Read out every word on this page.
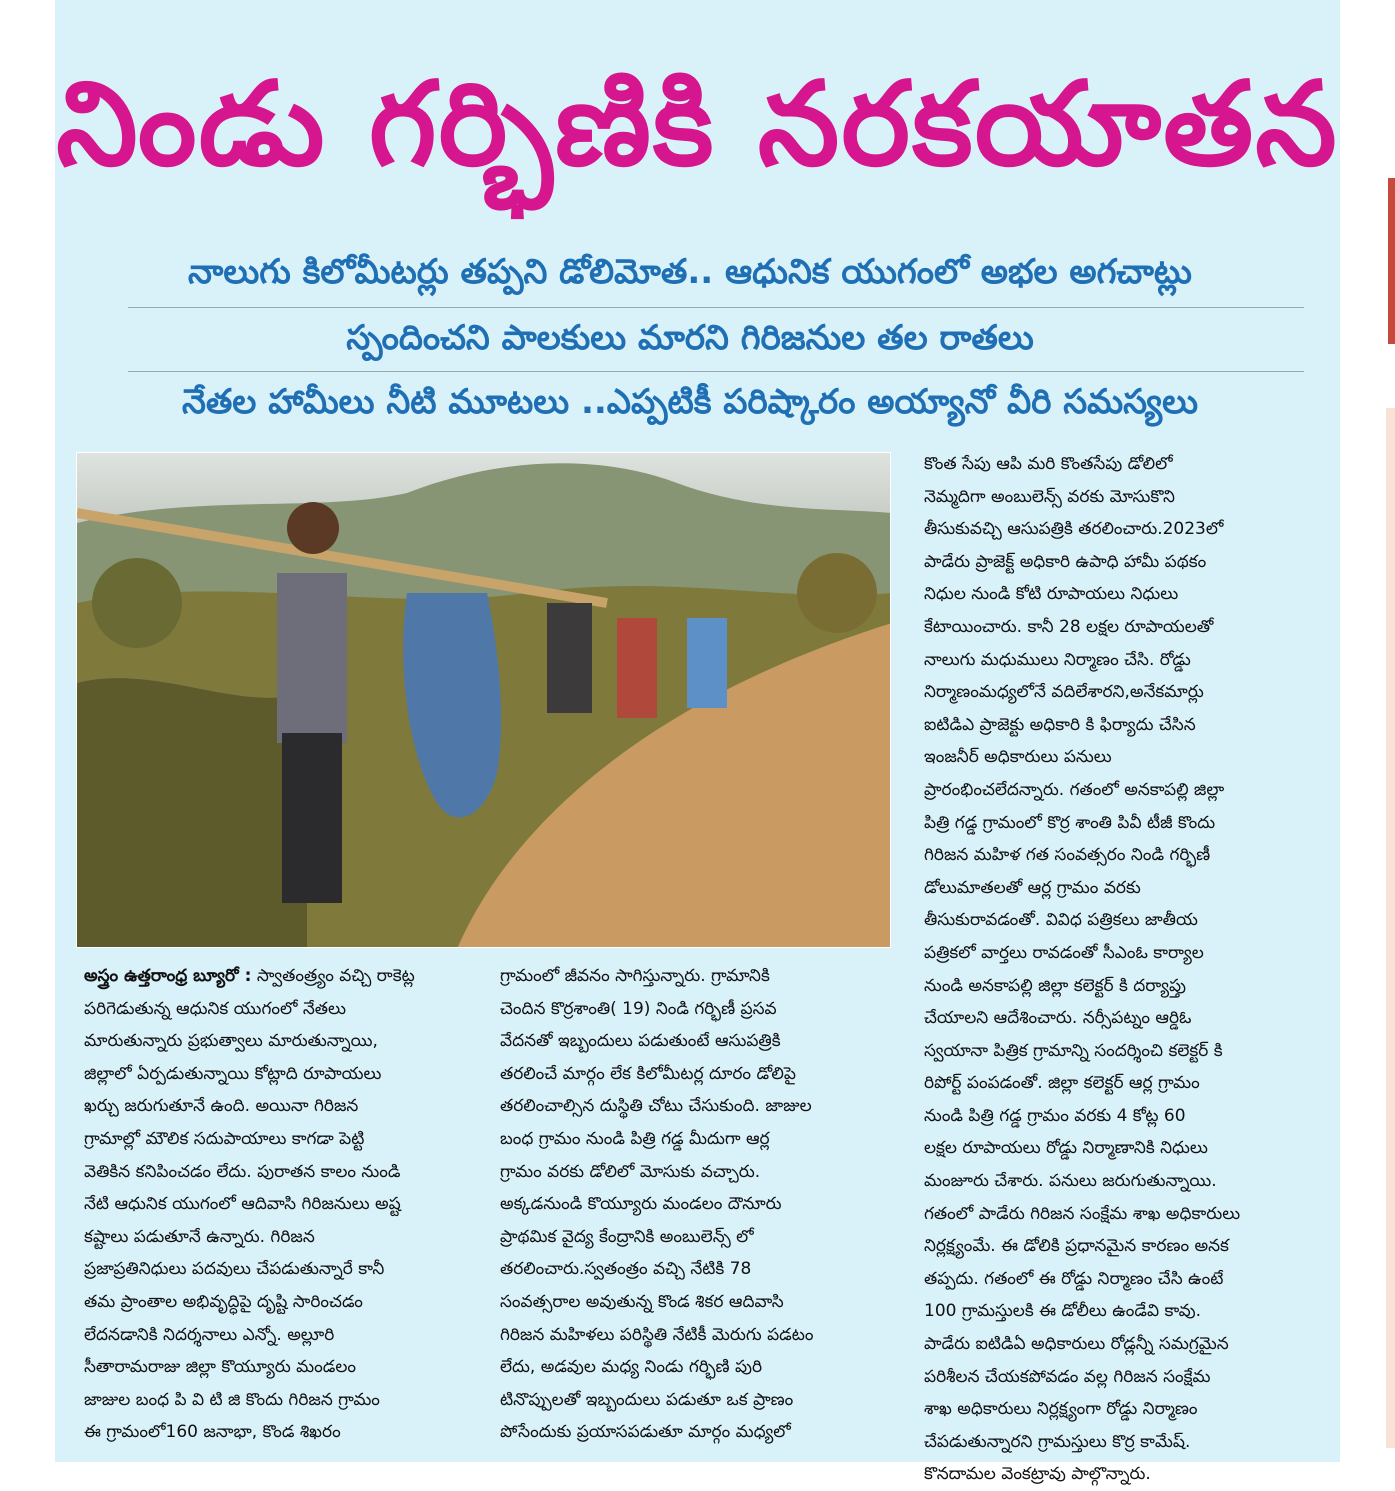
నిండు గర్భిణికి నరకయాతన
నాలుగు కిలోమీటర్లు తప్పని డోలిమోత.. ఆధునిక యుగంలో అభల అగచాట్లు
స్పందించని పాలకులు మారని గిరిజనుల తల రాతలు
నేతల హామీలు నీటి మూటలు ..ఎప్పటికీ పరిష్కారం అయ్యానో వీరి సమస్యలు
అస్త్రం ఉత్తరాంధ్ర బ్యూరో : స్వాతంత్ర్యం వచ్చి రాకెట్ల
పరిగెడుతున్న ఆధునిక యుగంలో నేతలు
మారుతున్నారు ప్రభుత్వాలు మారుతున్నాయి,
జిల్లాలో ఏర్పడుతున్నాయి కోట్లాది రూపాయలు
ఖర్చు జరుగుతూనే ఉంది. అయినా గిరిజన
గ్రామాల్లో మౌలిక సదుపాయాలు కాగడా పెట్టి
వెతికిన కనిపించడం లేదు. పురాతన కాలం నుండి
నేటి ఆధునిక యుగంలో ఆదివాసి గిరిజనులు అష్ట
కష్టాలు పడుతూనే ఉన్నారు. గిరిజన
ప్రజాప్రతినిధులు పదవులు చేపడుతున్నారే కానీ
తమ ప్రాంతాల అభివృద్ధిపై దృష్టి సారించడం
లేదనడానికి నిదర్శనాలు ఎన్నో. అల్లూరి
సీతారామరాజు జిల్లా కొయ్యూరు మండలం
జాజుల బంధ పి వి టి జి కొందు గిరిజన గ్రామం
ఈ గ్రామంలో160 జనాభా, కొండ శిఖరం
గ్రామంలో జీవనం సాగిస్తున్నారు. గ్రామానికి
చెందిన కొర్రశాంతి( 19) నిండి గర్భిణీ ప్రసవ
వేదనతో ఇబ్బందులు పడుతుంటే ఆసుపత్రికి
తరలించే మార్గం లేక కిలోమీటర్ల దూరం డోలిపై
తరలించాల్సిన దుస్థితి చోటు చేసుకుంది. జాజుల
బంధ గ్రామం నుండి పిత్రి గడ్డ మీదుగా ఆర్ల
గ్రామం వరకు డోలిలో మోసుకు వచ్చారు.
అక్కడనుండి కొయ్యూరు మండలం దౌనూరు
ప్రాథమిక వైద్య కేంద్రానికి అంబులెన్స్ లో
తరలించారు.స్వతంత్రం వచ్చి నేటికి 78
సంవత్సరాల అవుతున్న కొండ శికర ఆదివాసి
గిరిజన మహిళలు పరిస్థితి నేటికీ మెరుగు పడటం
లేదు, అడవుల మధ్య నిండు గర్భిణి పురి
టినొప్పులతో ఇబ్బందులు పడుతూ ఒక ప్రాణం
పోసేందుకు ప్రయాసపడుతూ మార్గం మధ్యలో
కొంత సేపు ఆపి మరి కొంతసేపు డోలిలో
నెమ్మదిగా అంబులెన్స్ వరకు మోసుకొని
తీసుకువచ్చి ఆసుపత్రికి తరలించారు.2023లో
పాడేరు ప్రాజెక్ట్ అధికారి ఉపాధి హామీ పథకం
నిధుల నుండి కోటి రూపాయలు నిధులు
కేటాయించారు. కానీ 28 లక్షల రూపాయలతో
నాలుగు మధుములు నిర్మాణం చేసి. రోడ్డు
నిర్మాణంమధ్యలోనే వదిలేశారని,అనేకమార్లు
ఐటిడిఎ ప్రాజెక్టు అధికారి కి ఫిర్యాదు చేసిన
ఇంజనీర్ అధికారులు పనులు
ప్రారంభించలేదన్నారు. గతంలో అనకాపల్లి జిల్లా
పిత్రి గడ్డ గ్రామంలో కొర్ర శాంతి పివీ టీజీ కొందు
గిరిజన మహిళ గత సంవత్సరం నిండి గర్భిణీ
డోలుమాతలతో ఆర్ల గ్రామం వరకు
తీసుకురావడంతో. వివిధ పత్రికలు జాతీయ
పత్రికలో వార్తలు రావడంతో సీఎంఓ కార్యాల
నుండి అనకాపల్లి జిల్లా కలెక్టర్ కి దర్యాప్తు
చేయాలని ఆదేశించారు. నర్సీపట్నం ఆర్డిఓ
స్వయానా పిత్రిక గ్రామాన్ని సందర్శించి కలెక్టర్ కి
రిపోర్ట్ పంపడంతో. జిల్లా కలెక్టర్ ఆర్ల గ్రామం
నుండి పిత్రి గడ్డ గ్రామం వరకు 4 కోట్ల 60
లక్షల రూపాయలు రోడ్డు నిర్మాణానికి నిధులు
మంజూరు చేశారు. పనులు జరుగుతున్నాయి.
గతంలో పాడేరు గిరిజన సంక్షేమ శాఖ అధికారులు
నిర్లక్ష్యంమే. ఈ డోలికి ప్రధానమైన కారణం అనక
తప్పదు. గతంలో ఈ రోడ్డు నిర్మాణం చేసి ఉంటే
100 గ్రామస్తులకి ఈ డోలీలు ఉండేవి కావు.
పాడేరు ఐటిడిఏ అధికారులు రోడ్లన్నీ సమగ్రమైన
పరిశీలన చేయకపోవడం వల్ల గిరిజన సంక్షేమ
శాఖ అధికారులు నిర్లక్ష్యంగా రోడ్డు నిర్మాణం
చేపడుతున్నారని గ్రామస్తులు కొర్ర కామేష్.
కొనదామల వెంకట్రావు పాల్గొన్నారు.
